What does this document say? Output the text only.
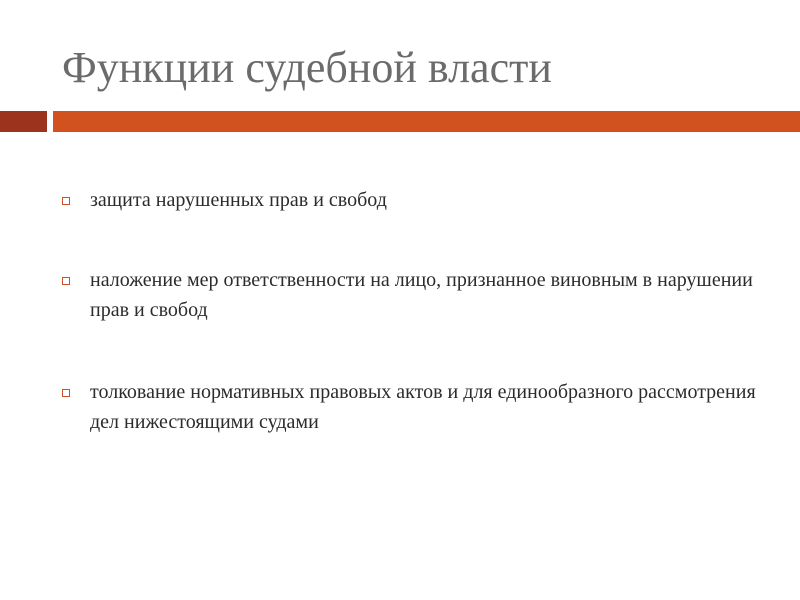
Функции судебной власти
защита нарушенных прав и свобод
наложение мер ответственности на лицо, признанное виновным в нарушении прав и свобод
толкование нормативных правовых актов и для единообразного рассмотрения дел нижестоящими судами
